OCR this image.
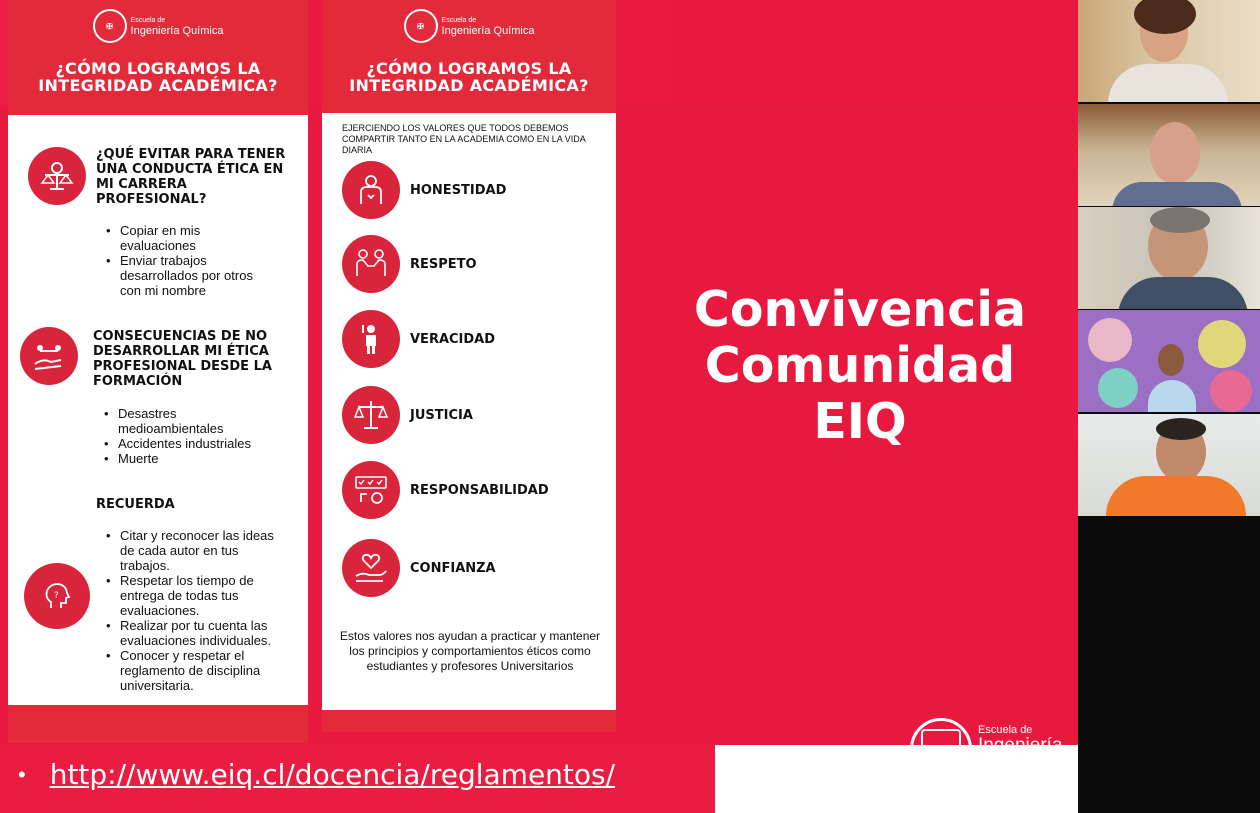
✠
Escuela de
Ingeniería Química
¿CÓMO LOGRAMOS LA INTEGRIDAD ACADÉMICA?
¿QUÉ EVITAR PARA TENER UNA CONDUCTA ÉTICA EN MI CARRERA PROFESIONAL?
• Copiar en mis evaluaciones
• Enviar trabajos desarrollados por otros con mi nombre
CONSECUENCIAS DE NO DESARROLLAR MI ÉTICA PROFESIONAL DESDE LA FORMACIÓN
• Desastres medioambientales
• Accidentes industriales
• Muerte
RECUERDA
?
• Citar y reconocer las ideas de cada autor en tus trabajos.
• Respetar los tiempo de entrega de todas tus evaluaciones.
• Realizar por tu cuenta las evaluaciones individuales.
• Conocer y respetar el reglamento de disciplina universitaria.
✠
Escuela de
Ingeniería Química
¿CÓMO LOGRAMOS LA INTEGRIDAD ACADÉMICA?
EJERCIENDO LOS VALORES QUE TODOS DEBEMOS COMPARTIR TANTO EN LA ACADEMIA COMO EN LA VIDA DIARIA
HONESTIDAD
RESPETO
VERACIDAD
JUSTICIA
RESPONSABILIDAD
CONFIANZA
Estos valores nos ayudan a practicar y mantener los principios y comportamientos éticos como estudiantes y profesores Universitarios
Convivencia
Comunidad
EIQ
Escuela de
Ingeniería
Química
• http://www.eiq.cl/docencia/reglamentos/
